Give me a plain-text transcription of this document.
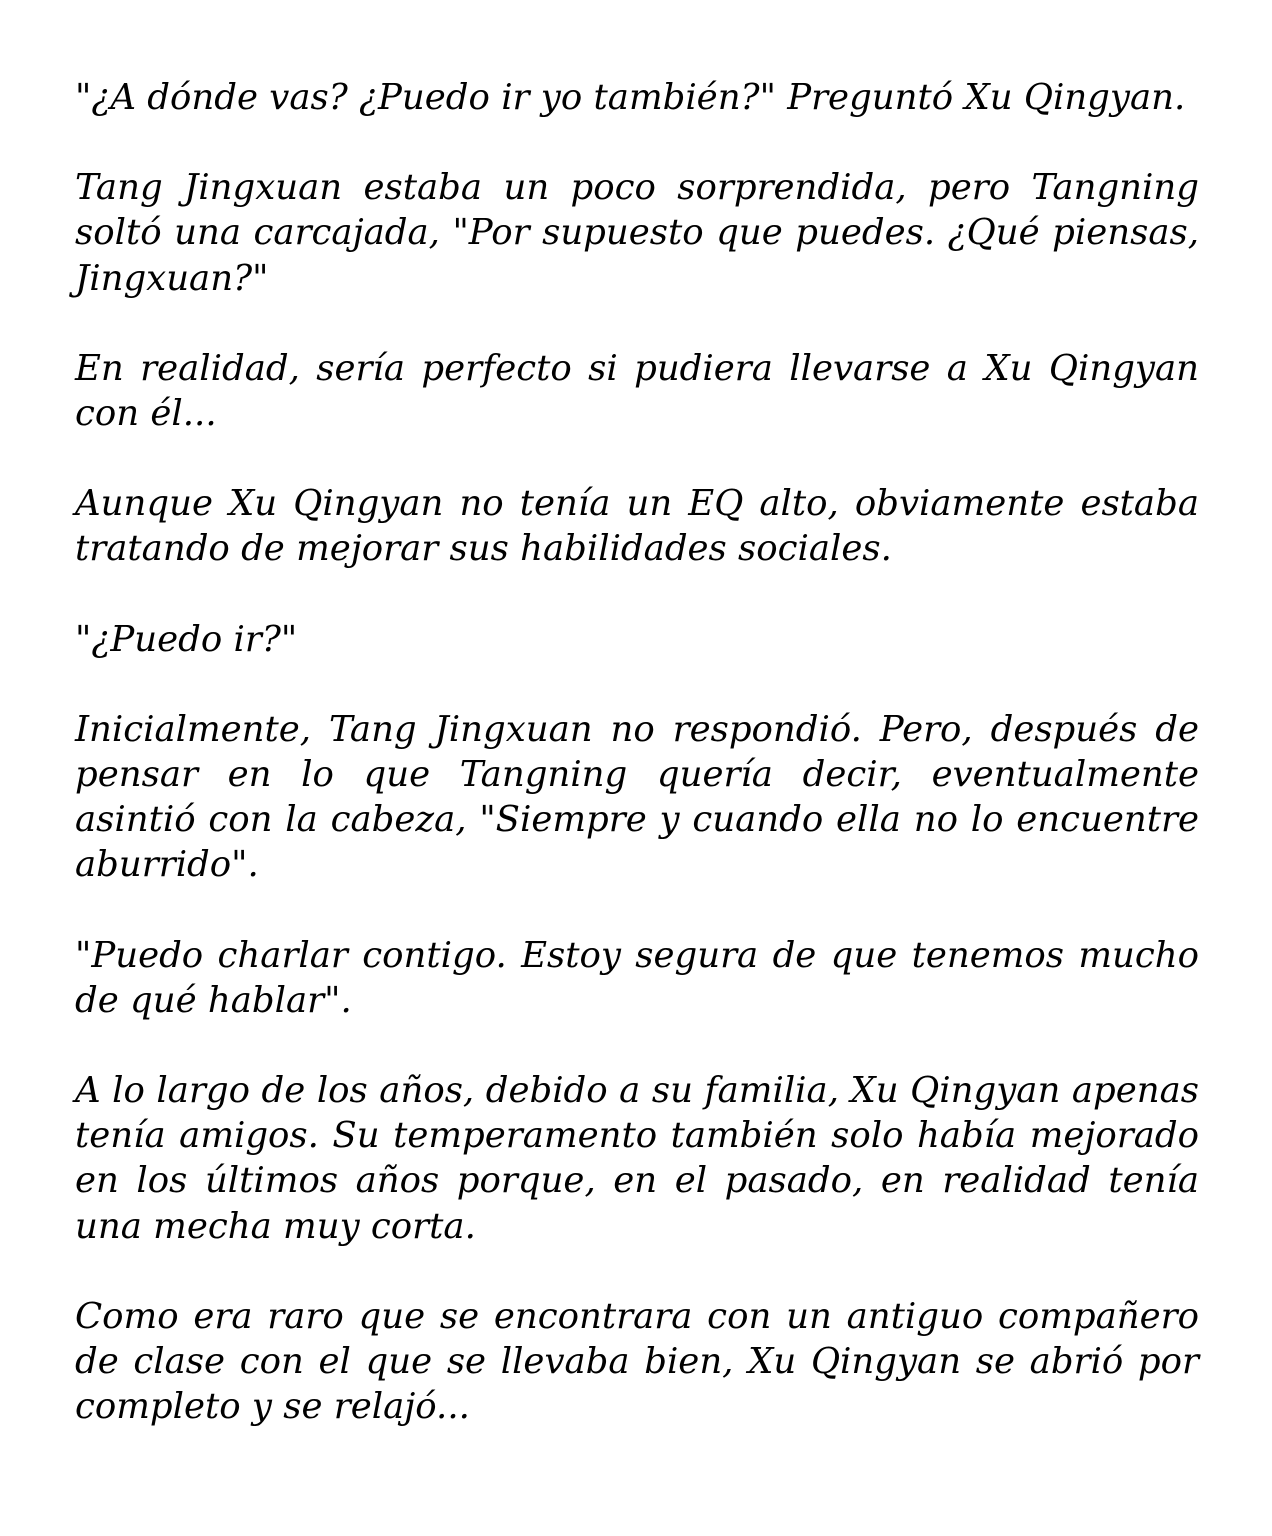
"¿A dónde vas? ¿Puedo ir yo también?" Preguntó Xu Qingyan.

Tang Jingxuan estaba un poco sorprendida, pero Tangning soltó una carcajada, "Por supuesto que puedes. ¿Qué piensas, Jingxuan?"

En realidad, sería perfecto si pudiera llevarse a Xu Qingyan con él...

Aunque Xu Qingyan no tenía un EQ alto, obviamente estaba tratando de mejorar sus habilidades sociales.

"¿Puedo ir?"

Inicialmente, Tang Jingxuan no respondió. Pero, después de pensar en lo que Tangning quería decir, eventualmente asintió con la cabeza, "Siempre y cuando ella no lo encuentre aburrido".

"Puedo charlar contigo. Estoy segura de que tenemos mucho de qué hablar".

A lo largo de los años, debido a su familia, Xu Qingyan apenas tenía amigos. Su temperamento también solo había mejorado en los últimos años porque, en el pasado, en realidad tenía una mecha muy corta.

Como era raro que se encontrara con un antiguo compañero de clase con el que se llevaba bien, Xu Qingyan se abrió por completo y se relajó...
